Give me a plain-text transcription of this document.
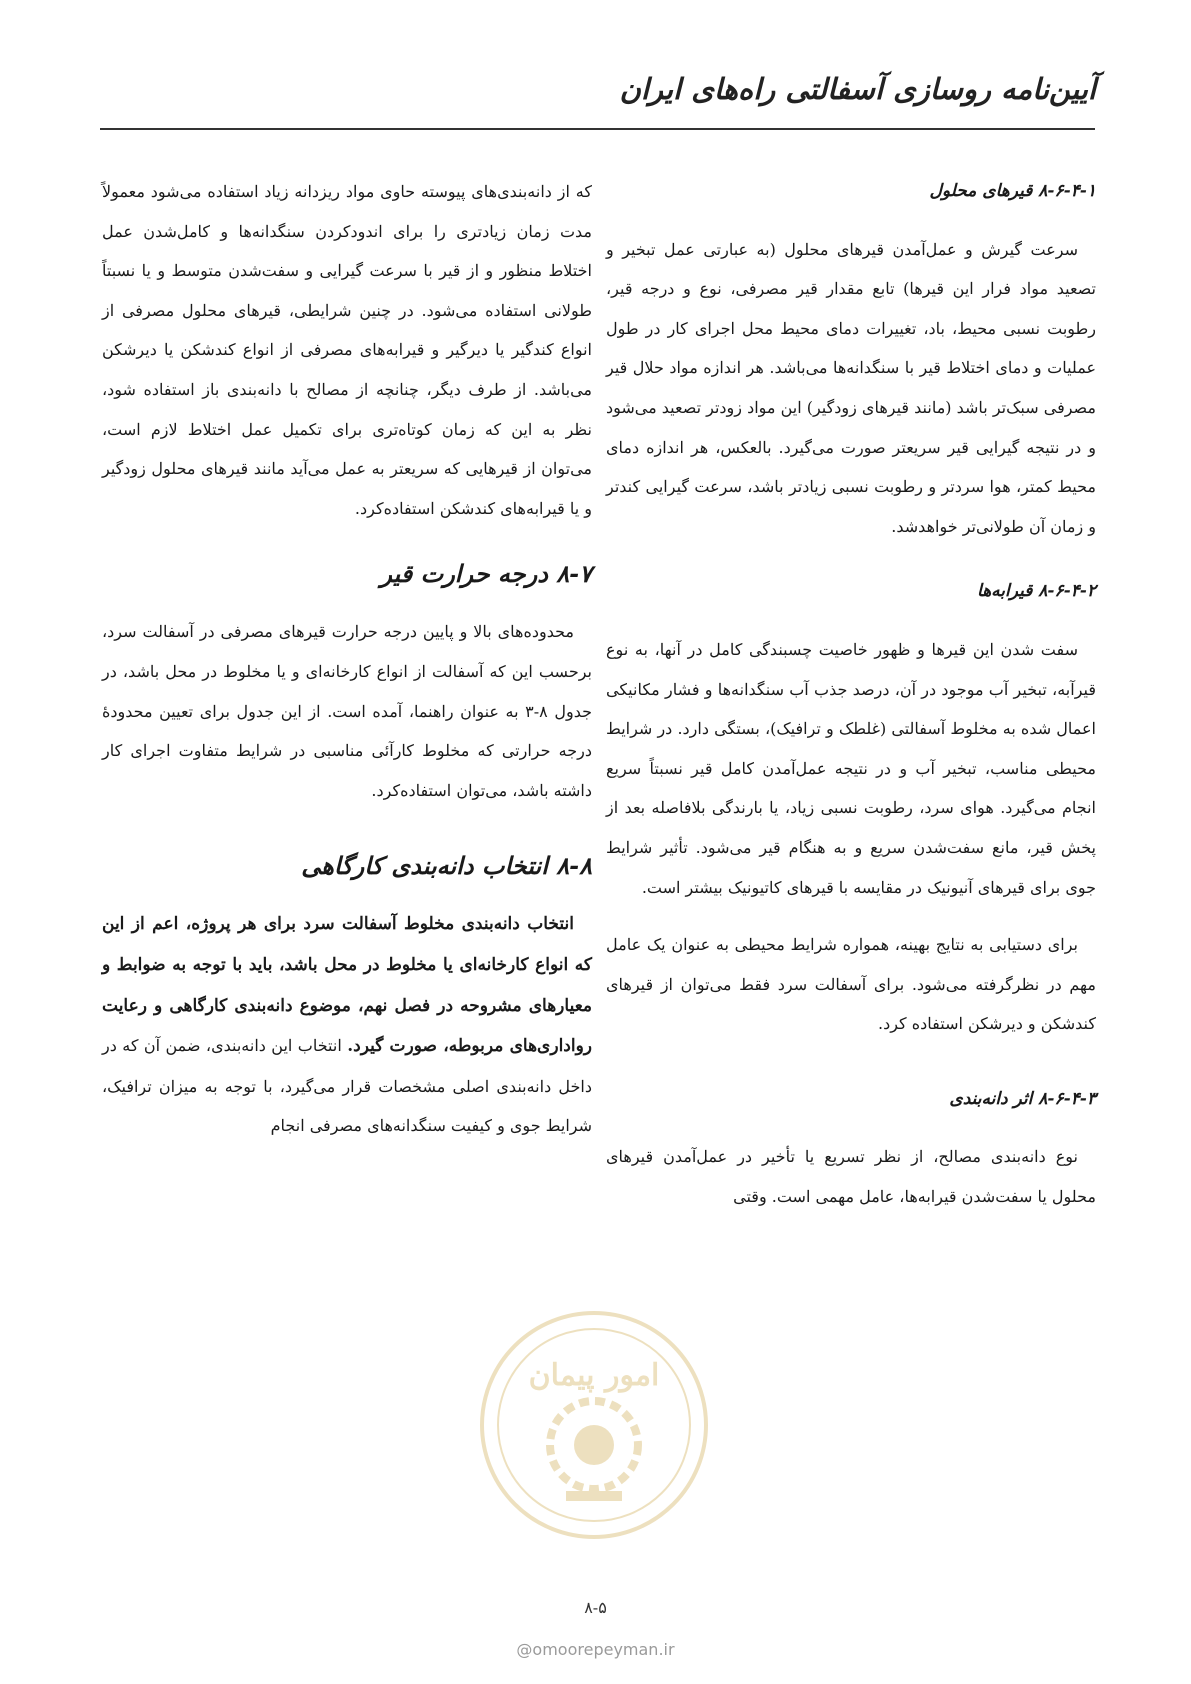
آیین‌نامه روسازی آسفالتی راه‌های ایران
۸-۶-۴-۱ قیرهای محلول

سرعت گیرش و عمل‌آمدن قیرهای محلول (به عبارتی عمل تبخیر و تصعید مواد فرار این قیرها) تابع مقدار قیر مصرفی، نوع و درجه قیر، رطوبت نسبی محیط، باد، تغییرات دمای محیط محل اجرای کار در طول عملیات و دمای اختلاط قیر با سنگدانه‌ها می‌باشد. هر اندازه مواد حلال قیر مصرفی سبک‌تر باشد (مانند قیرهای زودگیر) این مواد زودتر تصعید می‌شود و در نتیجه گیرایی قیر سریعتر صورت می‌گیرد. بالعکس، هر اندازه دمای محیط کمتر، هوا سردتر و رطوبت نسبی زیادتر باشد، سرعت گیرایی کندتر و زمان آن طولانی‌تر خواهدشد.

۸-۶-۴-۲ قیرابه‌ها

سفت شدن این قیرها و ظهور خاصیت چسبندگی کامل در آنها، به نوع قیرآبه، تبخیر آب موجود در آن، درصد جذب آب سنگدانه‌ها و فشار مکانیکی اعمال شده به مخلوط آسفالتی (غلطک و ترافیک)، بستگی دارد. در شرایط محیطی مناسب، تبخیر آب و در نتیجه عمل‌آمدن کامل قیر نسبتاً سریع انجام می‌گیرد. هوای سرد، رطوبت نسبی زیاد، یا بارندگی بلافاصله بعد از پخش قیر، مانع سفت‌شدن سریع و به هنگام قیر می‌شود. تأثیر شرایط جوی برای قیرهای آنیونیک در مقایسه با قیرهای کاتیونیک بیشتر است.

برای دستیابی به نتایج بهینه، همواره شرایط محیطی به عنوان یک عامل مهم در نظرگرفته می‌شود. برای آسفالت سرد فقط می‌توان از قیرهای کندشکن و دیرشکن استفاده کرد.

۸-۶-۴-۳ اثر دانه‌بندی

نوع دانه‌بندی مصالح، از نظر تسریع یا تأخیر در عمل‌آمدن قیرهای محلول یا سفت‌شدن قیرابه‌ها، عامل مهمی است. وقتی

که از دانه‌بندی‌های پیوسته حاوی مواد ریزدانه زیاد استفاده می‌شود معمولاً مدت زمان زیادتری را برای اندودکردن سنگدانه‌ها و کامل‌شدن عمل اختلاط منظور و از قیر با سرعت گیرایی و سفت‌شدن متوسط و یا نسبتاً طولانی استفاده می‌شود. در چنین شرایطی، قیرهای محلول مصرفی از انواع کندگیر یا دیرگیر و قیرابه‌های مصرفی از انواع کندشکن یا دیرشکن می‌باشد. از طرف دیگر، چنانچه از مصالح با دانه‌بندی باز استفاده شود، نظر به این که زمان کوتاه‌تری برای تکمیل عمل اختلاط لازم است، می‌توان از قیرهایی که سریعتر به عمل می‌آید مانند قیرهای محلول زودگیر و یا قیرابه‌های کندشکن استفاده‌کرد.

۸-۷ درجه حرارت قیر

محدوده‌های بالا و پایین درجه حرارت قیرهای مصرفی در آسفالت سرد، برحسب این که آسفالت از انواع کارخانه‌ای و یا مخلوط در محل باشد، در جدول ۸-۳ به عنوان راهنما، آمده است. از این جدول برای تعیین محدودهٔ درجه حرارتی که مخلوط کارآئی مناسبی در شرایط متفاوت اجرای کار داشته باشد، می‌توان استفاده‌کرد.

۸-۸ انتخاب دانه‌بندی کارگاهی

انتخاب دانه‌بندی مخلوط آسفالت سرد برای هر پروژه، اعم از این که انواع کارخانه‌ای یا مخلوط در محل باشد، باید با توجه به ضوابط و معیارهای مشروحه در فصل نهم، موضوع دانه‌بندی کارگاهی و رعایت رواداری‌های مربوطه، صورت گیرد. انتخاب این دانه‌بندی، ضمن آن که در داخل دانه‌بندی اصلی مشخصات قرار می‌گیرد، با توجه به میزان ترافیک، شرایط جوی و کیفیت سنگدانه‌های مصرفی انجام

امور پیمان
۸-۵
@omoorepeyman.ir
